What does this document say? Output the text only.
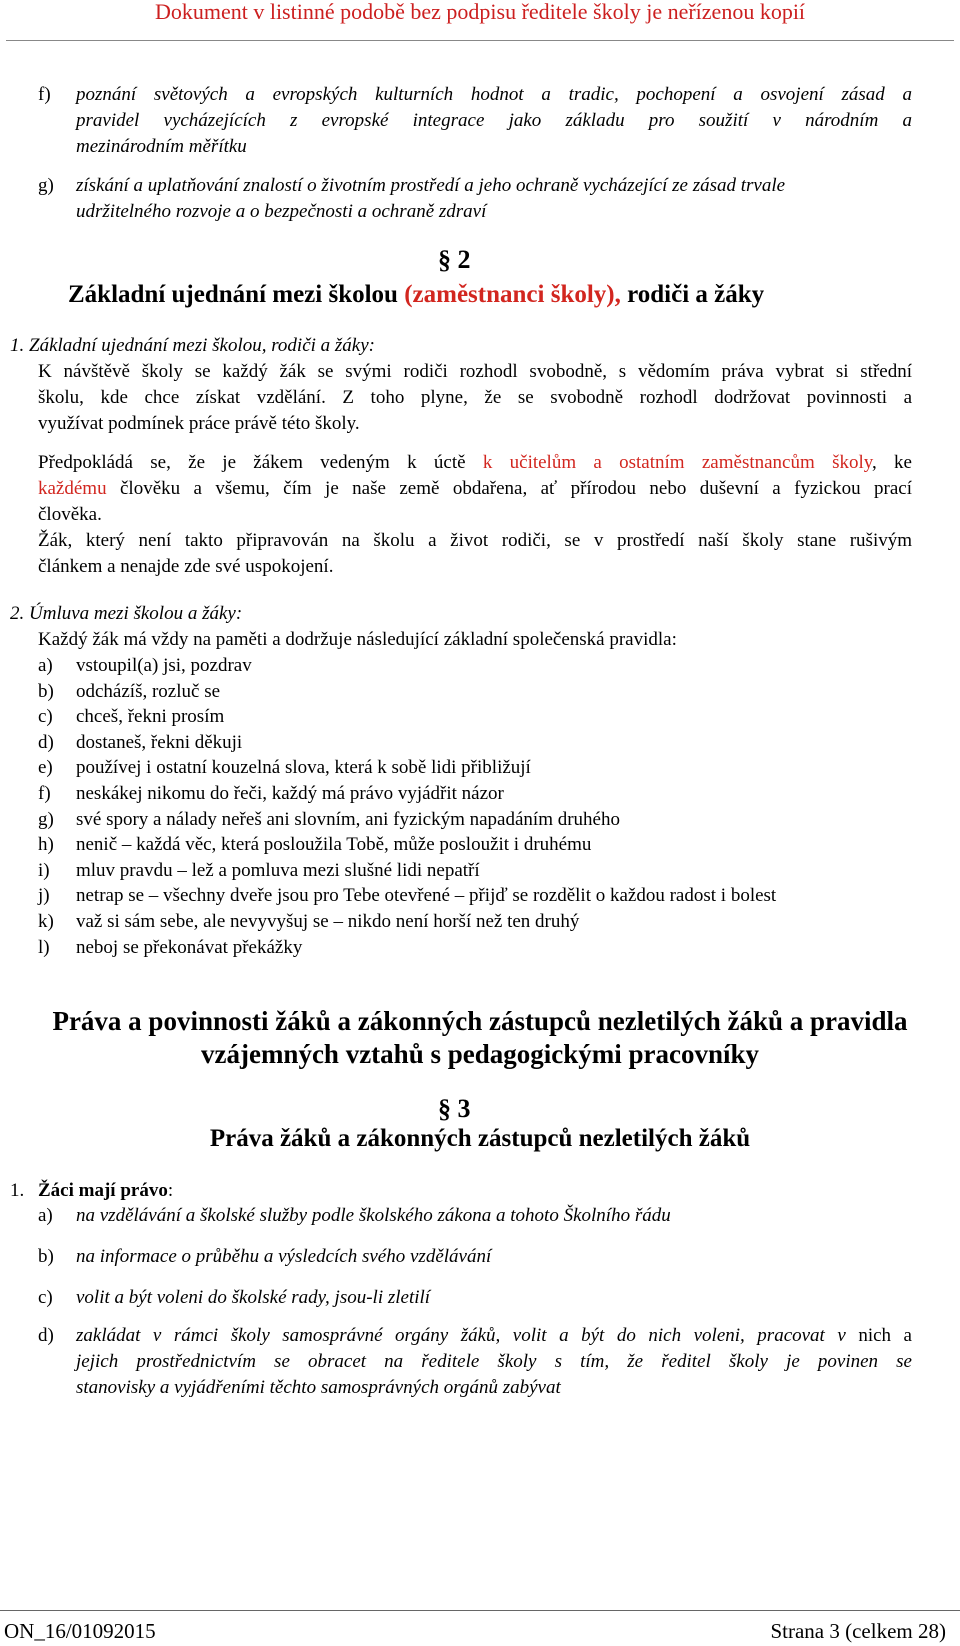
Dokument v listinné podobě bez podpisu ředitele školy je neřízenou kopií
f) poznání světových a evropských kulturních hodnot a tradic, pochopení a osvojení zásad a
pravidel vycházejících z evropské integrace jako základu pro soužití v národním a
mezinárodním měřítku
g) získání a uplatňování znalostí o životním prostředí a jeho ochraně vycházející ze zásad trvale
udržitelného rozvoje a o bezpečnosti a ochraně zdraví
§ 2
Základní ujednání mezi školou (zaměstnanci školy), rodiči a žáky
1. Základní ujednání mezi školou, rodiči a žáky:
K návštěvě školy se každý žák se svými rodiči rozhodl svobodně, s vědomím práva vybrat si střední
školu, kde chce získat vzdělání. Z toho plyne, že se svobodně rozhodl dodržovat povinnosti a
využívat podmínek práce právě této školy.
Předpokládá se, že je žákem vedeným k úctě k učitelům a ostatním zaměstnancům školy, ke
každému člověku a všemu, čím je naše země obdařena, ať přírodou nebo duševní a fyzickou prací
člověka.
Žák, který není takto připravován na školu a život rodiči, se v prostředí naší školy stane rušivým
článkem a nenajde zde své uspokojení.
2. Úmluva mezi školou a žáky:
Každý žák má vždy na paměti a dodržuje následující základní společenská pravidla:
a) vstoupil(a) jsi, pozdrav
b) odcházíš, rozluč se
c) chceš, řekni prosím
d) dostaneš, řekni děkuji
e) používej i ostatní kouzelná slova, která k sobě lidi přibližují
f) neskákej nikomu do řeči, každý má právo vyjádřit názor
g) své spory a nálady neřeš ani slovním, ani fyzickým napadáním druhého
h) nenič – každá věc, která posloužila Tobě, může posloužit i druhému
i) mluv pravdu – lež a pomluva mezi slušné lidi nepatří
j) netrap se – všechny dveře jsou pro Tebe otevřené – přijď se rozdělit o každou radost i bolest
k) važ si sám sebe, ale nevyvyšuj se – nikdo není horší než ten druhý
l) neboj se překonávat překážky
Práva a povinnosti žáků a zákonných zástupců nezletilých žáků a pravidla
vzájemných vztahů s pedagogickými pracovníky
§ 3
Práva žáků a zákonných zástupců nezletilých žáků
1. Žáci mají právo:
a) na vzdělávání a školské služby podle školského zákona a tohoto Školního řádu
b) na informace o průběhu a výsledcích svého vzdělávání
c) volit a být voleni do školské rady, jsou-li zletilí
d) zakládat v rámci školy samosprávné orgány žáků, volit a být do nich voleni, pracovat v nich a
jejich prostřednictvím se obracet na ředitele školy s tím, že ředitel školy je povinen se
stanovisky a vyjádřeními těchto samosprávných orgánů zabývat
ON_16/01092015	Strana 3 (celkem 28)
